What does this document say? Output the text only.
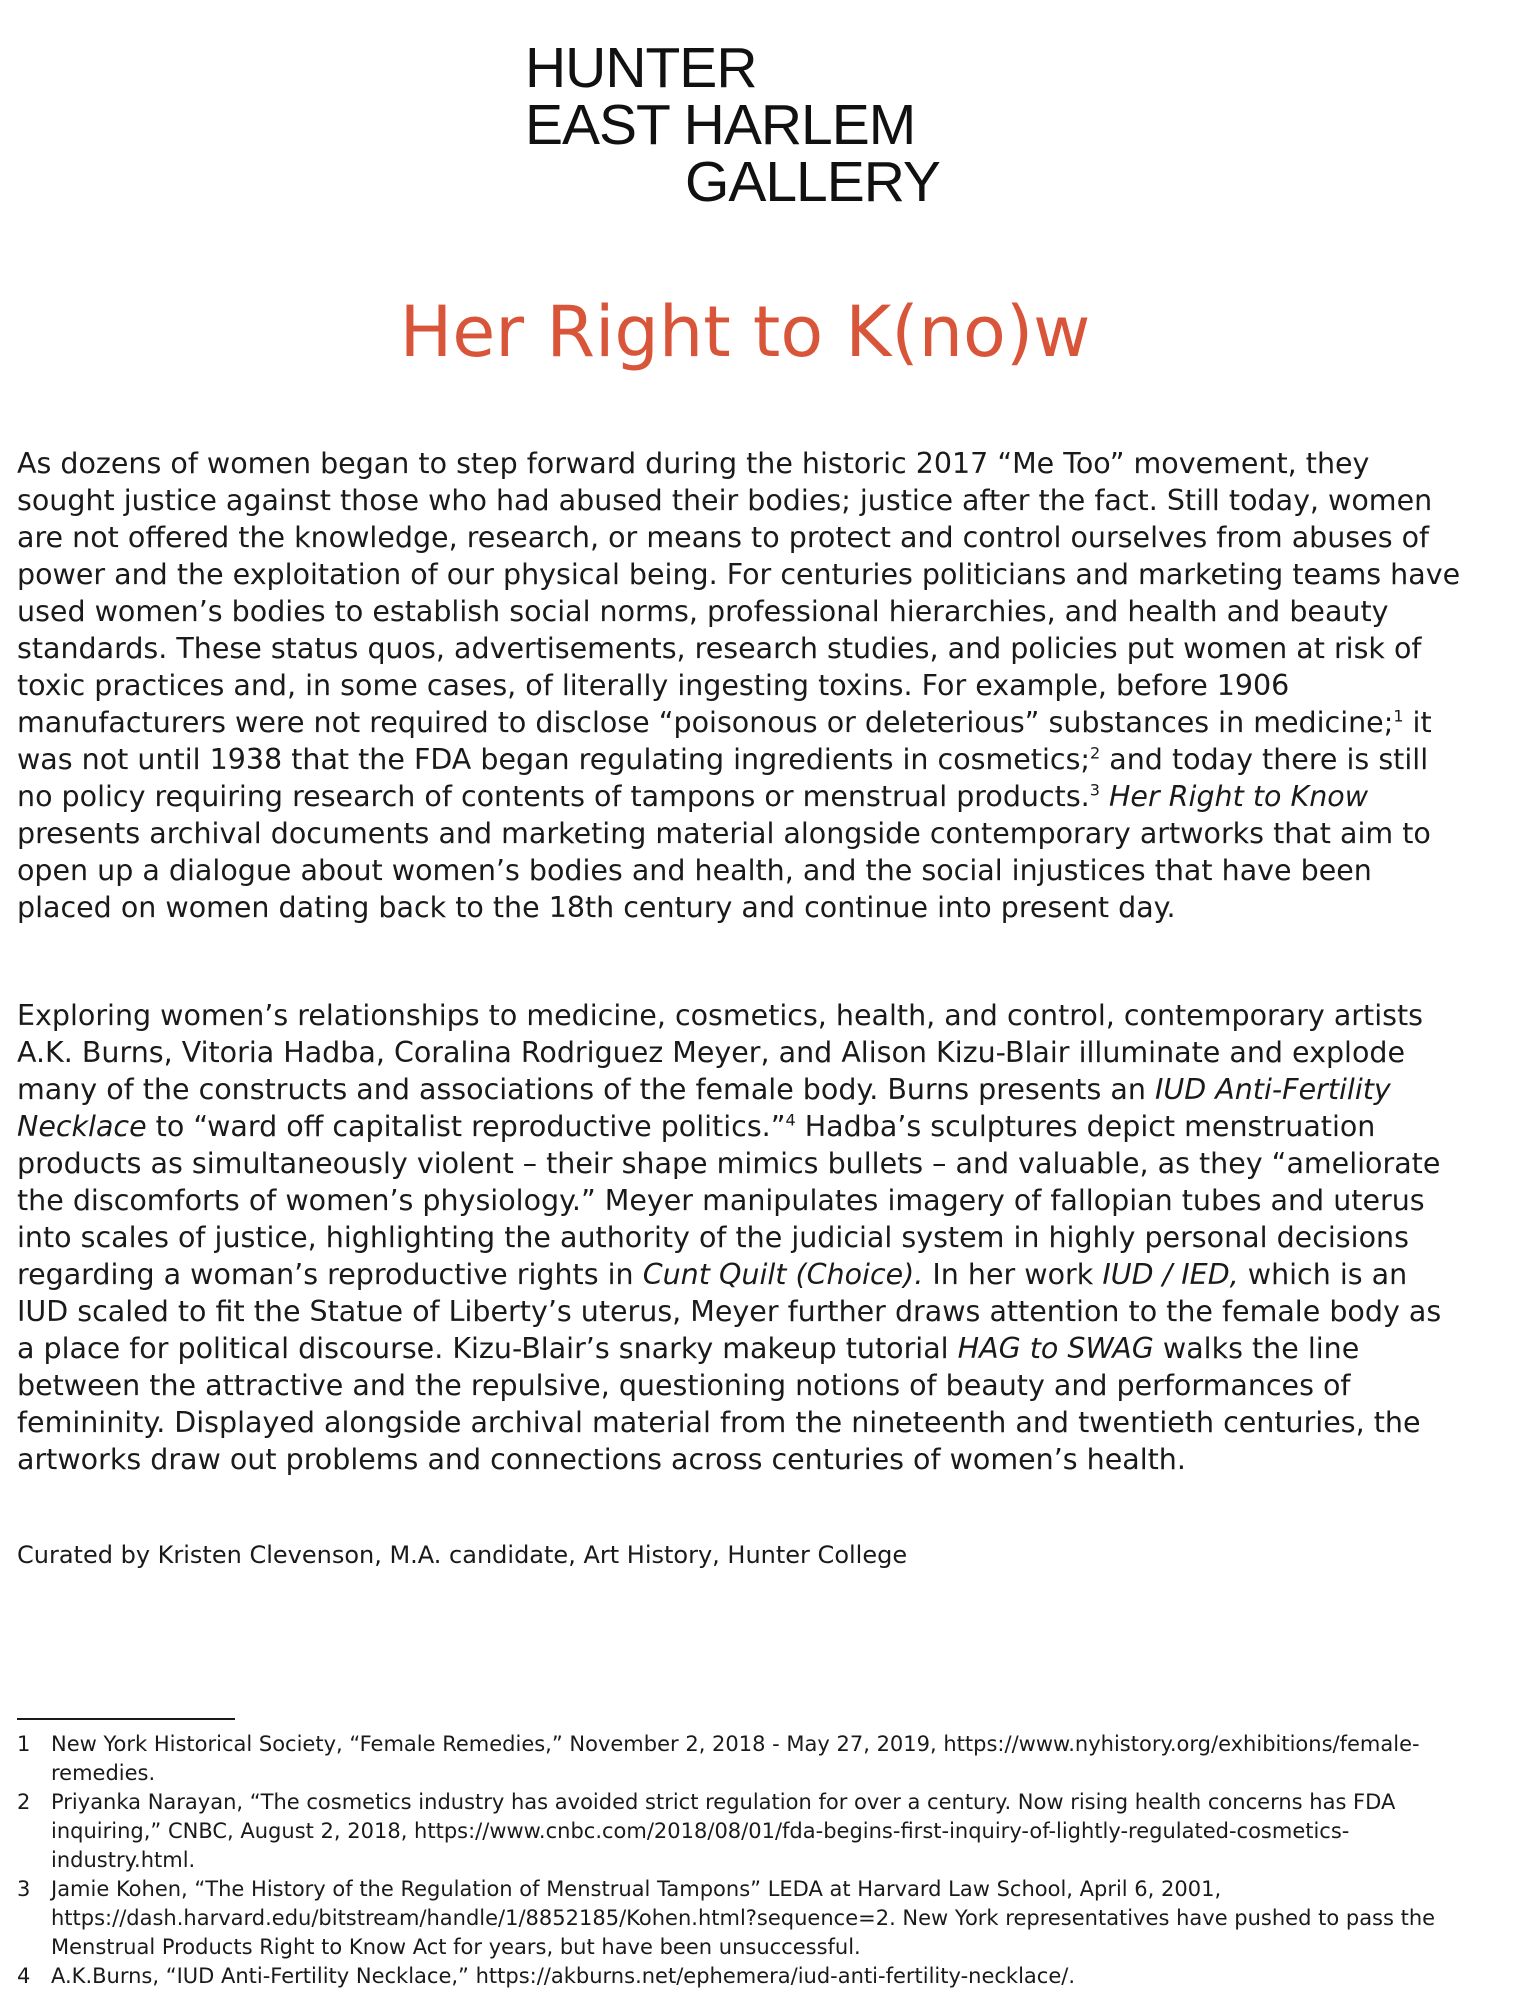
HUNTER
EAST HARLEM
GALLERY
Her Right to K(no)w

As dozens of women began to step forward during the historic 2017 “Me Too” movement, they sought justice against those who had abused their bodies; justice after the fact. Still today, women are not offered the knowledge, research, or means to protect and control ourselves from abuses of power and the exploitation of our physical being. For centuries politicians and marketing teams have used women’s bodies to establish social norms, professional hierarchies, and health and beauty standards. These status quos, advertisements, research studies, and policies put women at risk of toxic practices and, in some cases, of literally ingesting toxins. For example, before 1906 manufacturers were not required to disclose “poisonous or deleterious” substances in medicine;$^1$ it was not until 1938 that the FDA began regulating ingredients in cosmetics;$^2$ and today there is still no policy requiring research of contents of tampons or menstrual products.$^3$ Her Right to Know presents archival documents and marketing material alongside contemporary artworks that aim to open up a dialogue about women’s bodies and health, and the social injustices that have been placed on women dating back to the 18th century and continue into present day.

Exploring women’s relationships to medicine, cosmetics, health, and control, contemporary artists A.K. Burns, Vitoria Hadba, Coralina Rodriguez Meyer, and Alison Kizu-Blair illuminate and explode many of the constructs and associations of the female body. Burns presents an IUD Anti-Fertility Necklace to “ward off capitalist reproductive politics.”$^4$ Hadba’s sculptures depict menstruation products as simultaneously violent – their shape mimics bullets – and valuable, as they “ameliorate the discomforts of women’s physiology.” Meyer manipulates imagery of fallopian tubes and uterus into scales of justice, highlighting the authority of the judicial system in highly personal decisions regarding a woman’s reproductive rights in Cunt Quilt (Choice). In her work IUD / IED, which is an IUD scaled to fit the Statue of Liberty’s uterus, Meyer further draws attention to the female body as a place for political discourse. Kizu-Blair’s snarky makeup tutorial HAG to SWAG walks the line between the attractive and the repulsive, questioning notions of beauty and performances of femininity. Displayed alongside archival material from the nineteenth and twentieth centuries, the artworks draw out problems and connections across centuries of women’s health.

Curated by Kristen Clevenson, M.A. candidate, Art History, Hunter College

1 New York Historical Society, “Female Remedies,” November 2, 2018 - May 27, 2019, https://www.nyhistory.org/exhibitions/female-remedies.
2 Priyanka Narayan, “The cosmetics industry has avoided strict regulation for over a century. Now rising health concerns has FDA inquiring,” CNBC, August 2, 2018, https://www.cnbc.com/2018/08/01/fda-begins-first-inquiry-of-lightly-regulated-cosmetics-industry.html.
3 Jamie Kohen, “The History of the Regulation of Menstrual Tampons” LEDA at Harvard Law School, April 6, 2001, https://dash.harvard.edu/bitstream/handle/1/8852185/Kohen.html?sequence=2. New York representatives have pushed to pass the Menstrual Products Right to Know Act for years, but have been unsuccessful.
4 A.K.Burns, “IUD Anti-Fertility Necklace,” https://akburns.net/ephemera/iud-anti-fertility-necklace/.
